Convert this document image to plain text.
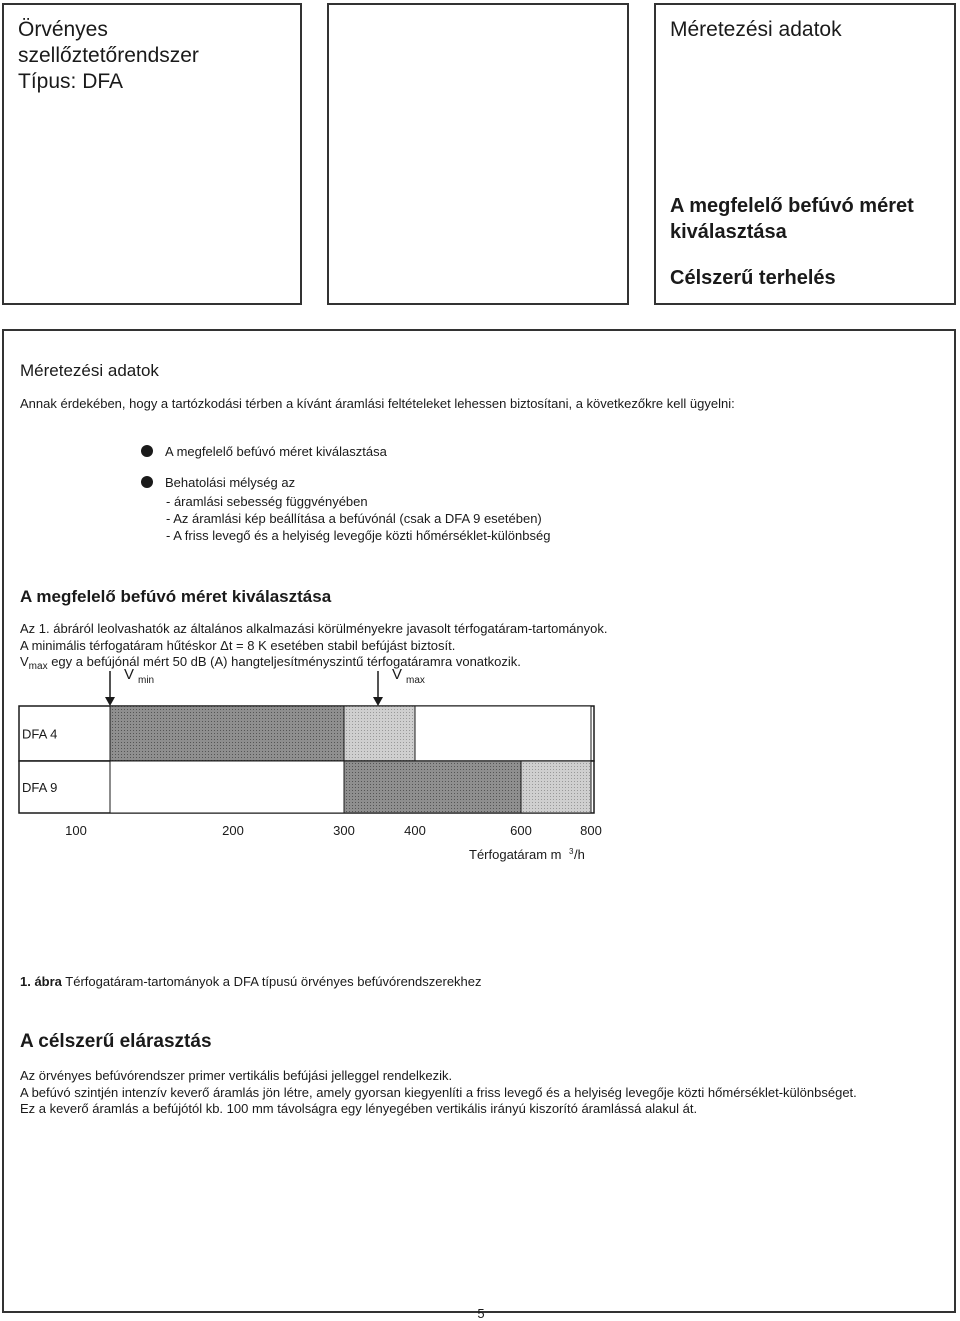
Örvényes
szellőztetőrendszer
Típus: DFA
Méretezési adatok
A megfelelő befúvó méret kiválasztása
Célszerű terhelés
Méretezési adatok
Annak érdekében, hogy a tartózkodási térben a kívánt áramlási feltételeket lehessen biztosítani, a következőkre kell ügyelni:
A megfelelő befúvó méret kiválasztása
Behatolási mélység az
- áramlási sebesség függvényében
- Az áramlási kép beállítása a befúvónál (csak a DFA 9 esetében)
- A friss levegő és a helyiség levegője közti hőmérséklet-különbség
A megfelelő befúvó méret kiválasztása
Az 1. ábráról leolvashatók az általános alkalmazási körülményekre javasolt térfogatáram-tartományok.
A minimális térfogatáram hűtéskor Δt = 8 K esetében stabil befújást biztosít.
$V_{max}$ egy a befújónál mért 50 dB (A) hangteljesítményszintű térfogatáramra vonatkozik.
DFA 4
DFA 9
V min	V max
100	200	300	400	600	800
Térfogatáram m 3 /h
1. ábra Térfogatáram-tartományok a DFA típusú örvényes befúvórendszerekhez
A célszerű elárasztás
Az örvényes befúvórendszer primer vertikális befújási jelleggel rendelkezik.
A befúvó szintjén intenzív keverő áramlás jön létre, amely gyorsan kiegyenlíti a friss levegő és a helyiség levegője közti hőmérséklet-különbséget.
Ez a keverő áramlás a befújótól kb. 100 mm távolságra egy lényegében vertikális irányú kiszorító áramlássá alakul át.
5
